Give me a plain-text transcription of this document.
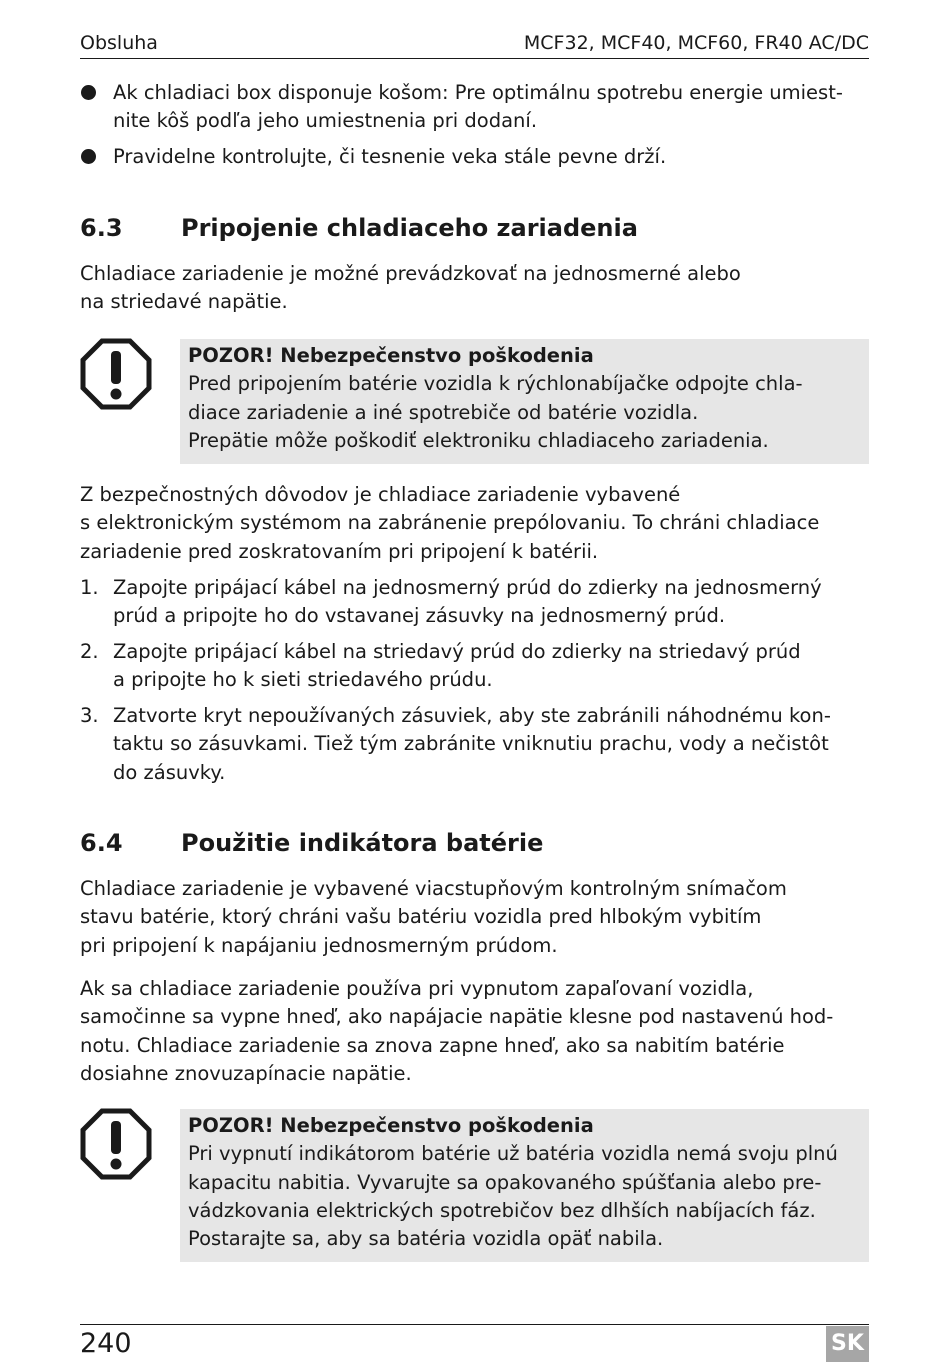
Obsluha	MCF32, MCF40, MCF60, FR40 AC/DC
Ak chladiaci box disponuje košom: Pre optimálnu spotrebu energie umiest-
nite kôš podľa jeho umiestnenia pri dodaní.
Pravidelne kontrolujte, či tesnenie veka stále pevne drží.
6.3 Pripojenie chladiaceho zariadenia

Chladiace zariadenie je možné prevádzkovať na jednosmerné alebo
na striedavé napätie.

POZOR! Nebezpečenstvo poškodenia
Pred pripojením batérie vozidla k rýchlonabíjačke odpojte chla-
diace zariadenie a iné spotrebiče od batérie vozidla.
Prepätie môže poškodiť elektroniku chladiaceho zariadenia.

Z bezpečnostných dôvodov je chladiace zariadenie vybavené
s elektronickým systémom na zabránenie prepólovaniu. To chráni chladiace
zariadenie pred zoskratovaním pri pripojení k batérii.

1. Zapojte pripájací kábel na jednosmerný prúd do zdierky na jednosmerný
prúd a pripojte ho do vstavanej zásuvky na jednosmerný prúd.
2. Zapojte pripájací kábel na striedavý prúd do zdierky na striedavý prúd
a pripojte ho k sieti striedavého prúdu.
3. Zatvorte kryt nepoužívaných zásuviek, aby ste zabránili náhodnému kon-
taktu so zásuvkami. Tiež tým zabránite vniknutiu prachu, vody a nečistôt
do zásuvky.
6.4 Použitie indikátora batérie

Chladiace zariadenie je vybavené viacstupňovým kontrolným snímačom
stavu batérie, ktorý chráni vašu batériu vozidla pred hlbokým vybitím
pri pripojení k napájaniu jednosmerným prúdom.

Ak sa chladiace zariadenie používa pri vypnutom zapaľovaní vozidla,
samočinne sa vypne hneď, ako napájacie napätie klesne pod nastavenú hod-
notu. Chladiace zariadenie sa znova zapne hneď, ako sa nabitím batérie
dosiahne znovuzapínacie napätie.

POZOR! Nebezpečenstvo poškodenia
Pri vypnutí indikátorom batérie už batéria vozidla nemá svoju plnú
kapacitu nabitia. Vyvarujte sa opakovaného spúšťania alebo pre-
vádzkovania elektrických spotrebičov bez dlhších nabíjacích fáz.
Postarajte sa, aby sa batéria vozidla opäť nabila.
240	SK
